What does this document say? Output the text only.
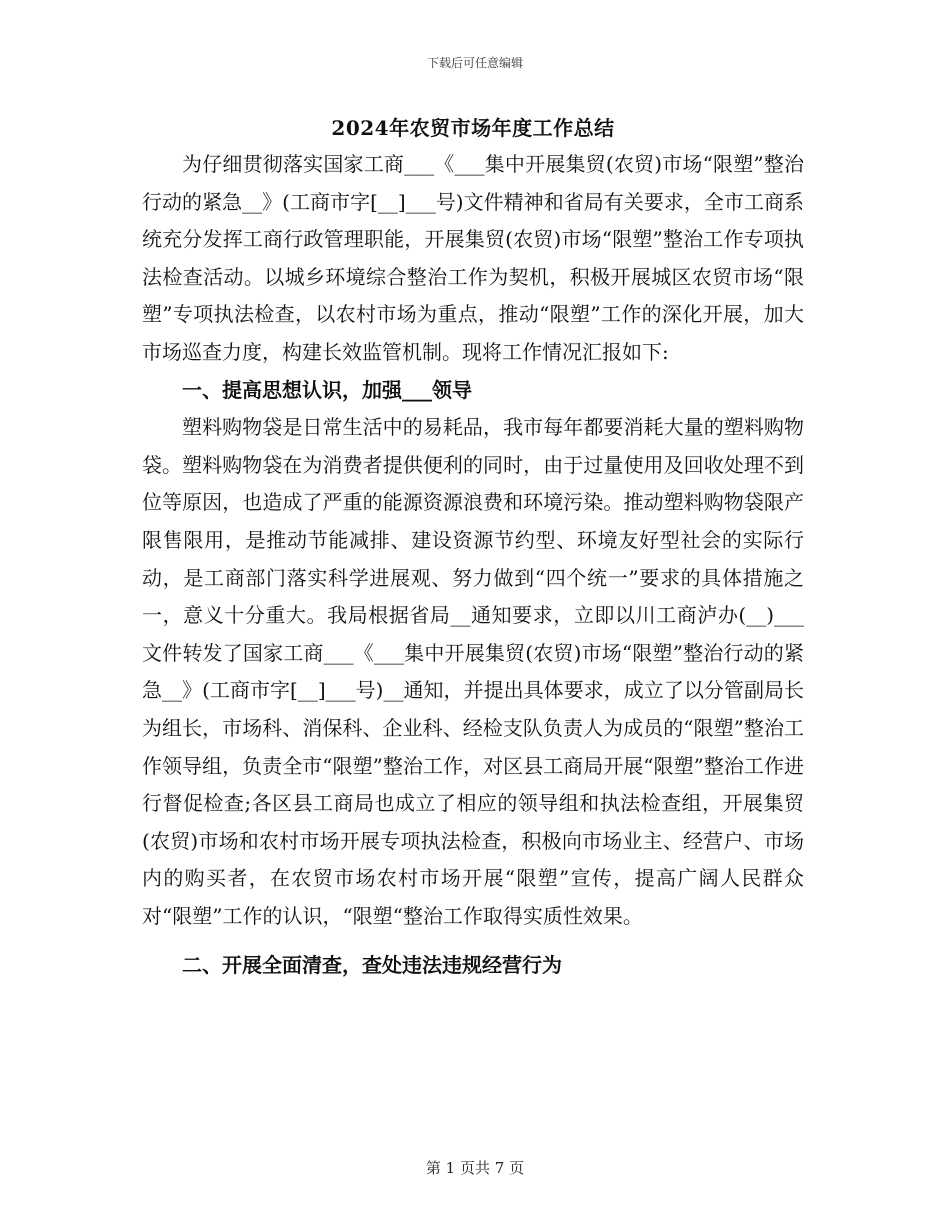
下载后可任意编辑
2024年农贸市场年度工作总结

为仔细贯彻落实国家工商___《___集中开展集贸(农贸)市场“限塑”整治行动的紧急__》(工商市字[__]___号)文件精神和省局有关要求，全市工商系统充分发挥工商行政管理职能，开展集贸(农贸)市场“限塑”整治工作专项执法检查活动。以城乡环境综合整治工作为契机，积极开展城区农贸市场“限塑”专项执法检查，以农村市场为重点，推动“限塑”工作的深化开展，加大市场巡查力度，构建长效监管机制。现将工作情况汇报如下:

一、提高思想认识，加强___领导

塑料购物袋是日常生活中的易耗品，我市每年都要消耗大量的塑料购物袋。塑料购物袋在为消费者提供便利的同时，由于过量使用及回收处理不到位等原因，也造成了严重的能源资源浪费和环境污染。推动塑料购物袋限产限售限用，是推动节能减排、建设资源节约型、环境友好型社会的实际行动，是工商部门落实科学进展观、努力做到“四个统一”要求的具体措施之一，意义十分重大。我局根据省局__通知要求，立即以川工商泸办(__)___文件转发了国家工商___《___集中开展集贸(农贸)市场“限塑”整治行动的紧急__》(工商市字[__]___号)__通知，并提出具体要求，成立了以分管副局长为组长，市场科、消保科、企业科、经检支队负责人为成员的“限塑”整治工作领导组，负责全市“限塑”整治工作，对区县工商局开展“限塑”整治工作进行督促检查;各区县工商局也成立了相应的领导组和执法检查组，开展集贸(农贸)市场和农村市场开展专项执法检查，积极向市场业主、经营户、市场内的购买者，在农贸市场农村市场开展“限塑”宣传，提高广阔人民群众对“限塑”工作的认识，“限塑“整治工作取得实质性效果。

二、开展全面清查，查处违法违规经营行为

第 1 页共 7 页
